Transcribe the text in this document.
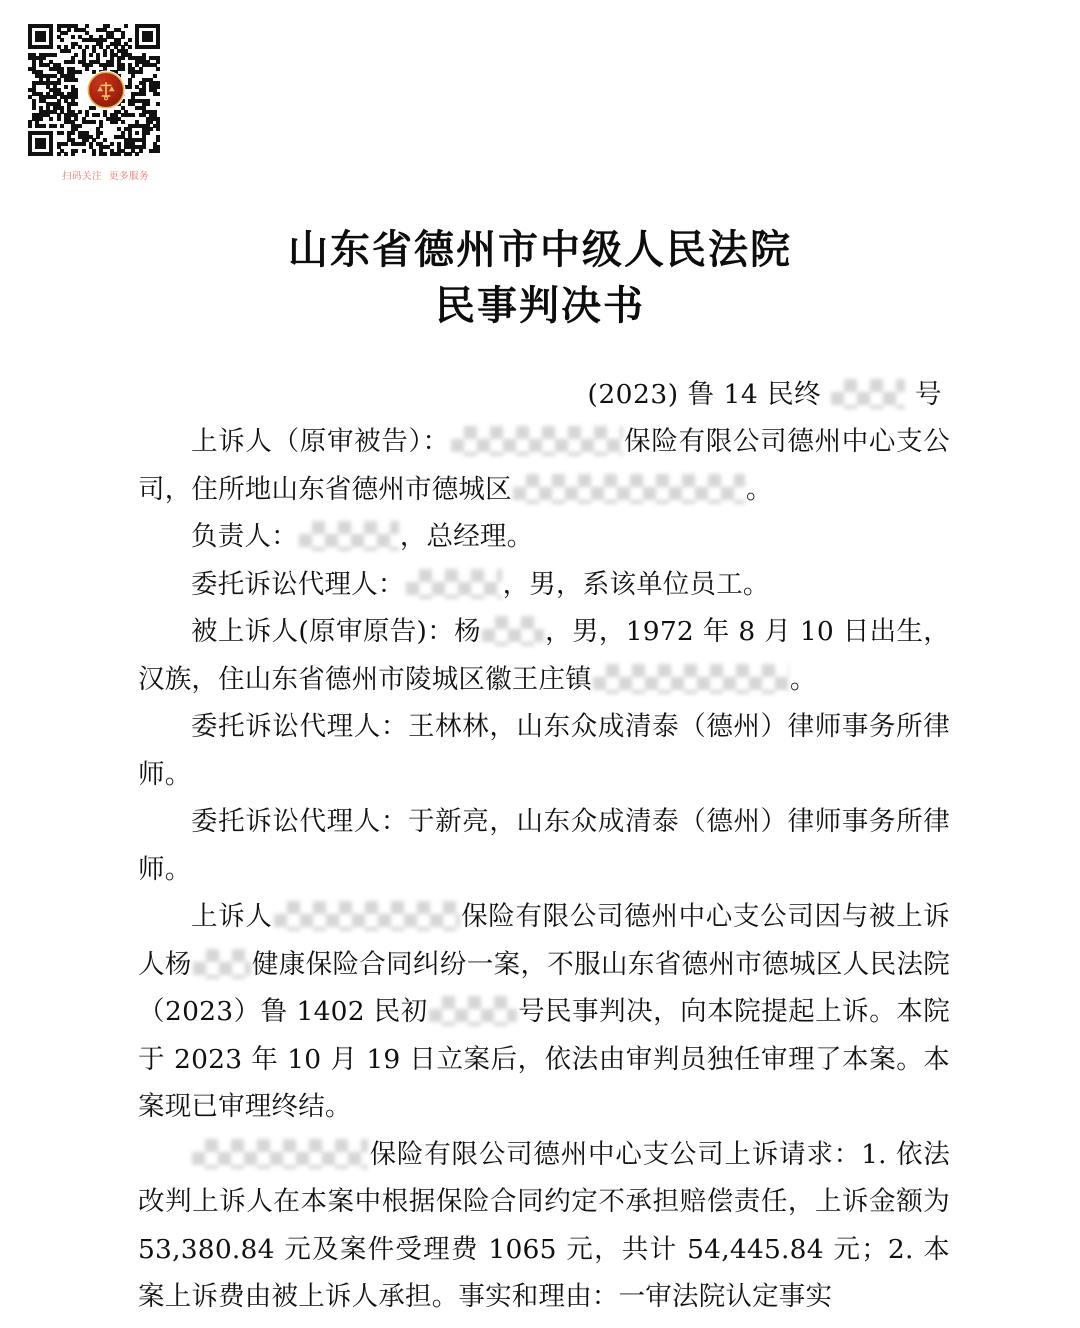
扫码关注  更多服务
山东省德州市中级人民法院
民事判决书
(2023) 鲁 14 民终	号
上诉人（原审被告）：	保险有限公司德州中心支公司，住所地山东省德州市德城区	。
负责人：	，总经理。
委托诉讼代理人：	，男，系该单位员工。
被上诉人(原审原告)：杨 ，男，1972 年 8 月 10 日出生，汉族，住山东省德州市陵城区徽王庄镇	。
委托诉讼代理人：王林林，山东众成清泰（德州）律师事务所律师。
委托诉讼代理人：于新亮，山东众成清泰（德州）律师事务所律师。
上诉人	保险有限公司德州中心支公司因与被上诉人杨 健康保险合同纠纷一案，不服山东省德州市德城区人民法院（2023）鲁 1402 民初	号民事判决，向本院提起上诉。本院于 2023 年 10 月 19 日立案后，依法由审判员独任审理了本案。本案现已审理终结。
保险有限公司德州中心支公司上诉请求：1. 依法改判上诉人在本案中根据保险合同约定不承担赔偿责任，上诉金额为 53,380.84 元及案件受理费 1065 元，共计 54,445.84 元；2. 本案上诉费由被上诉人承担。事实和理由：一审法院认定事实
